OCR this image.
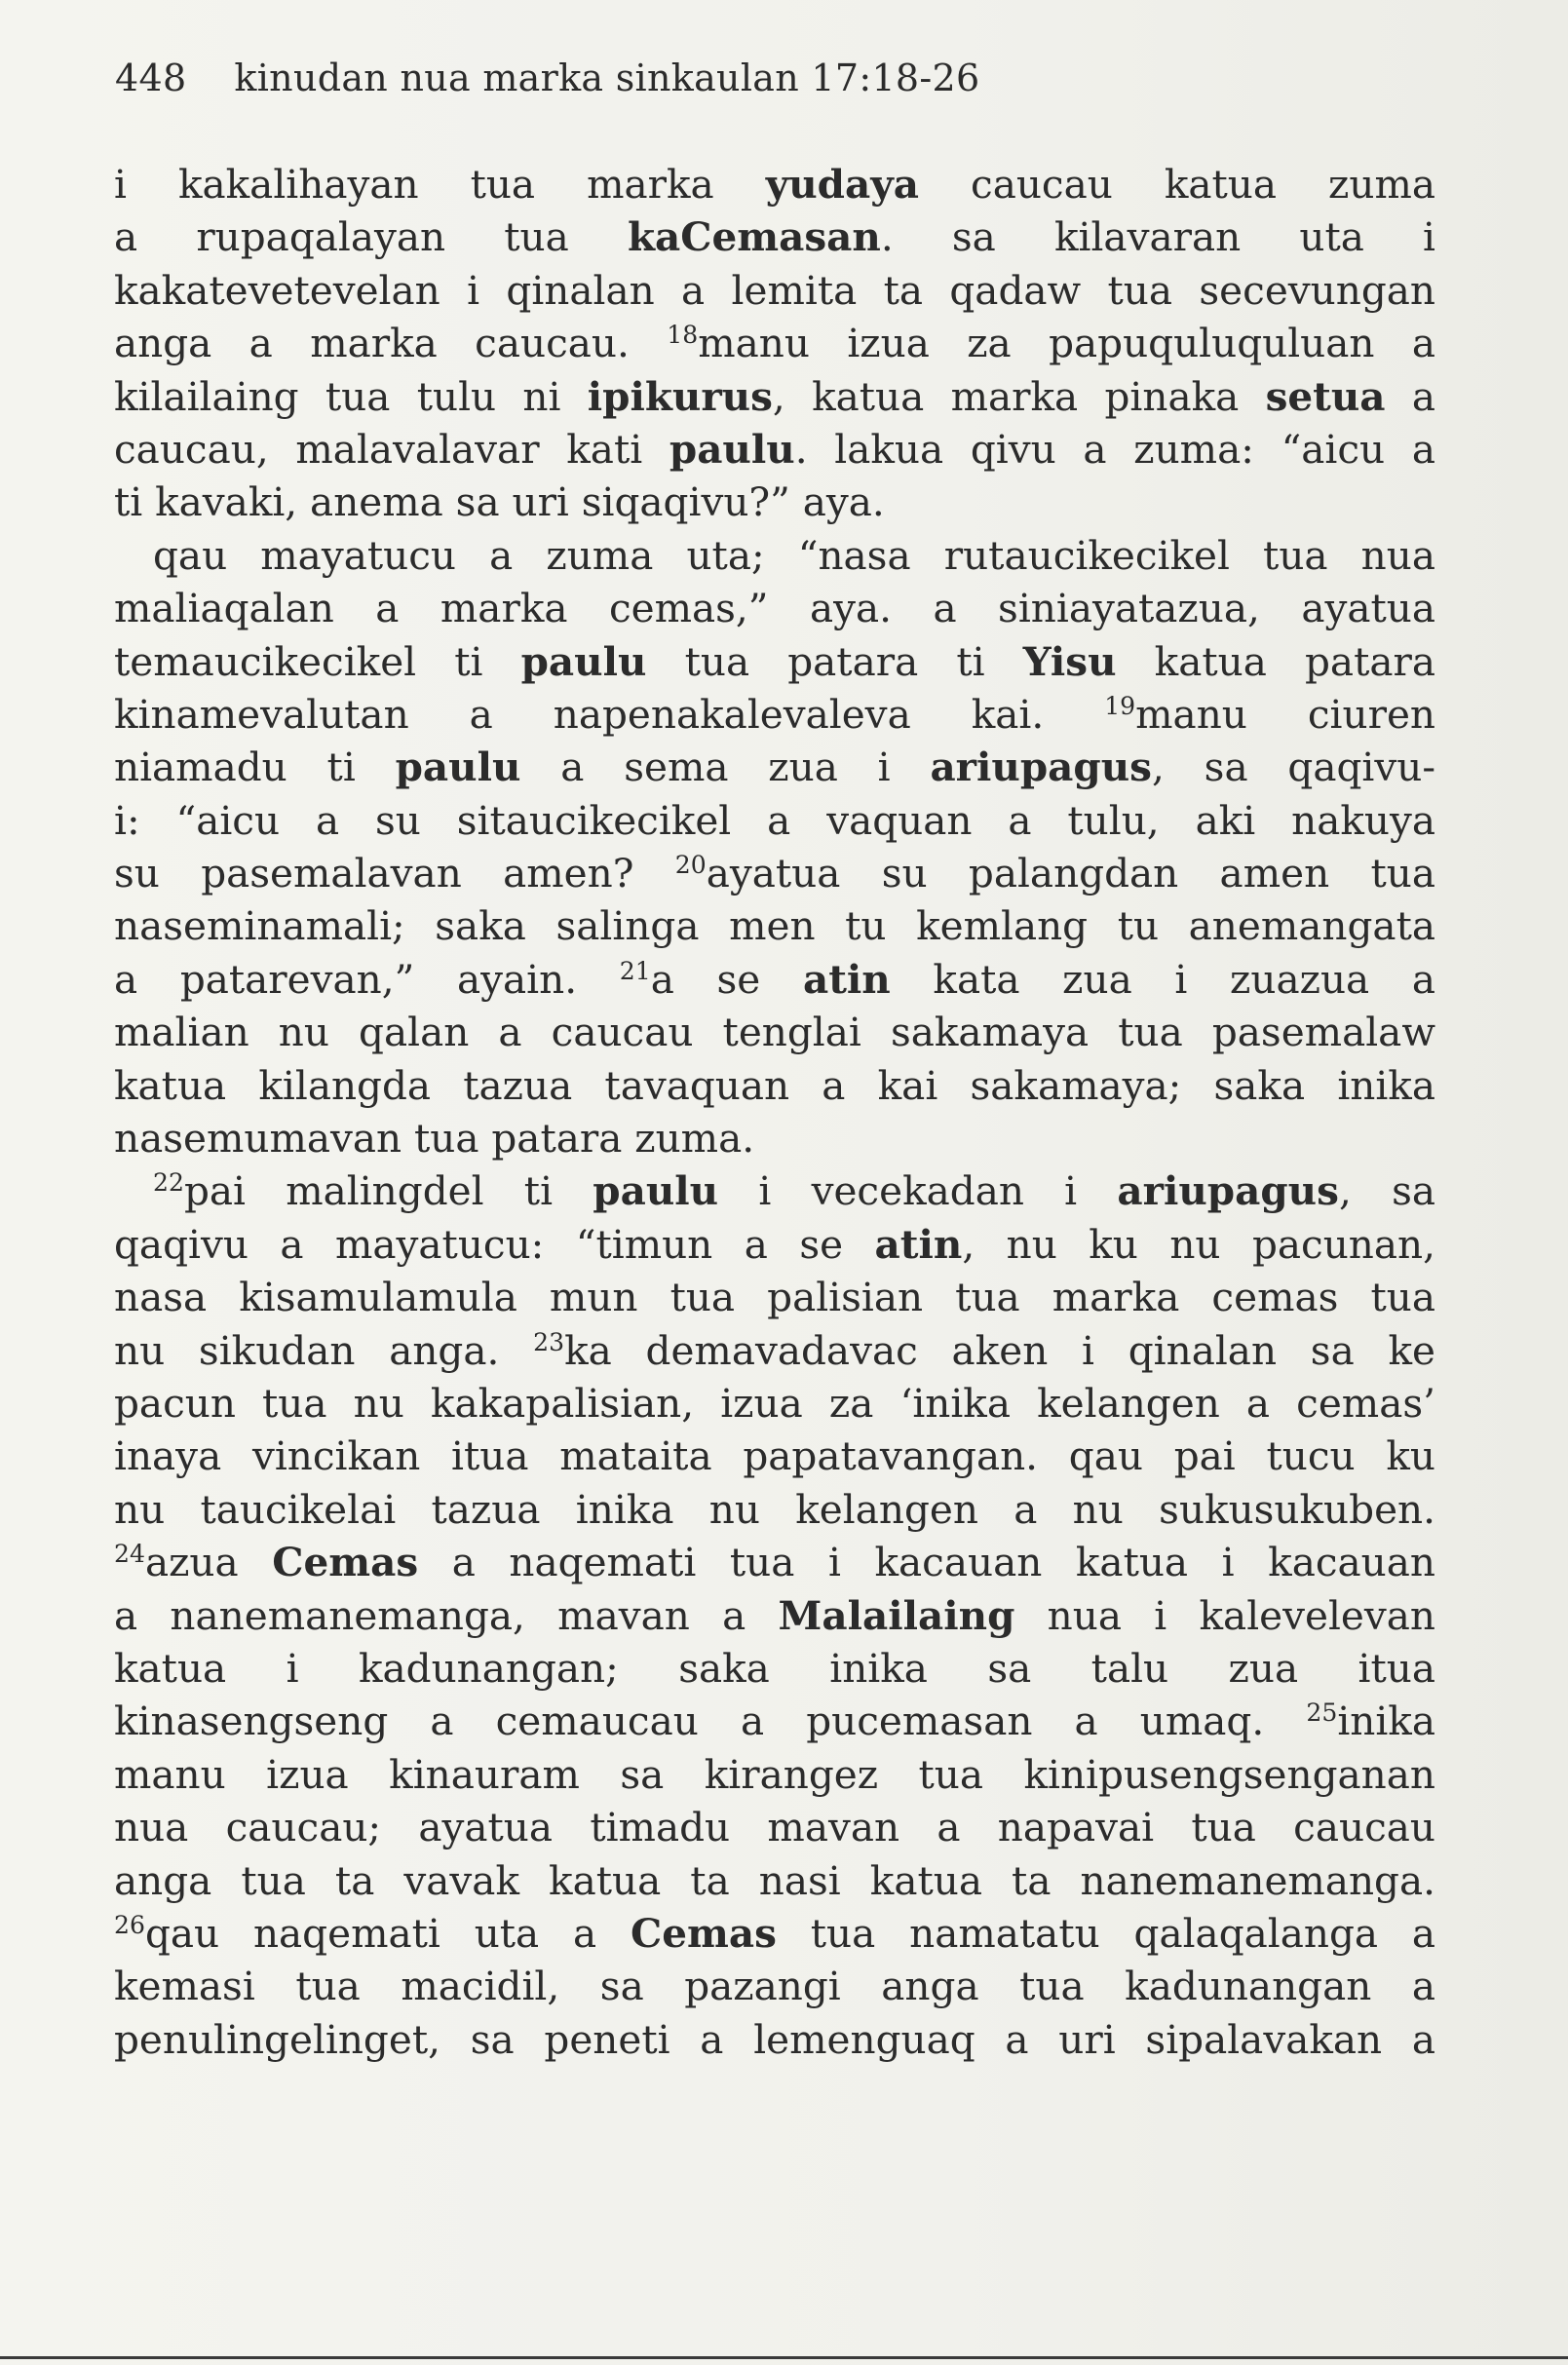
448 kinudan nua marka sinkaulan 17:18-26
i kakalihayan tua marka yudaya caucau katua zuma
a rupaqalayan tua kaCemasan. sa kilavaran uta i
kakatevetevelan i qinalan a lemita ta qadaw tua secevungan
anga a marka caucau. $^{18}$manu izua za papuquluquluan a
kilailaing tua tulu ni ipikurus, katua marka pinaka setua a
caucau, malavalavar kati paulu. lakua qivu a zuma: “aicu a
ti kavaki, anema sa uri siqaqivu?” aya.
qau mayatucu a zuma uta; “nasa rutaucikecikel tua nua
maliaqalan a marka cemas,” aya. a siniayatazua, ayatua
temaucikecikel ti paulu tua patara ti Yisu katua patara
kinamevalutan a napenakalevaleva kai. $^{19}$manu ciuren
niamadu ti paulu a sema zua i ariupagus, sa qaqivu-
i: “aicu a su sitaucikecikel a vaquan a tulu, aki nakuya
su pasemalavan amen? $^{20}$ayatua su palangdan amen tua
naseminamali; saka salinga men tu kemlang tu anemangata
a patarevan,” ayain. $^{21}$a se atin kata zua i zuazua a
malian nu qalan a caucau tenglai sakamaya tua pasemalaw
katua kilangda tazua tavaquan a kai sakamaya; saka inika
nasemumavan tua patara zuma.
$^{22}$pai malingdel ti paulu i vecekadan i ariupagus, sa
qaqivu a mayatucu: “timun a se atin, nu ku nu pacunan,
nasa kisamulamula mun tua palisian tua marka cemas tua
nu sikudan anga. $^{23}$ka demavadavac aken i qinalan sa ke
pacun tua nu kakapalisian, izua za ‘inika kelangen a cemas’
inaya vincikan itua mataita papatavangan. qau pai tucu ku
nu taucikelai tazua inika nu kelangen a nu sukusukuben.
$^{24}$azua Cemas a naqemati tua i kacauan katua i kacauan
a nanemanemanga, mavan a Malailaing nua i kalevelevan
katua i kadunangan; saka inika sa talu zua itua
kinasengseng a cemaucau a pucemasan a umaq. $^{25}$inika
manu izua kinauram sa kirangez tua kinipusengsenganan
nua caucau; ayatua timadu mavan a napavai tua caucau
anga tua ta vavak katua ta nasi katua ta nanemanemanga.
$^{26}$qau naqemati uta a Cemas tua namatatu qalaqalanga a
kemasi tua macidil, sa pazangi anga tua kadunangan a
penulingelinget, sa peneti a lemenguaq a uri sipalavakan a
